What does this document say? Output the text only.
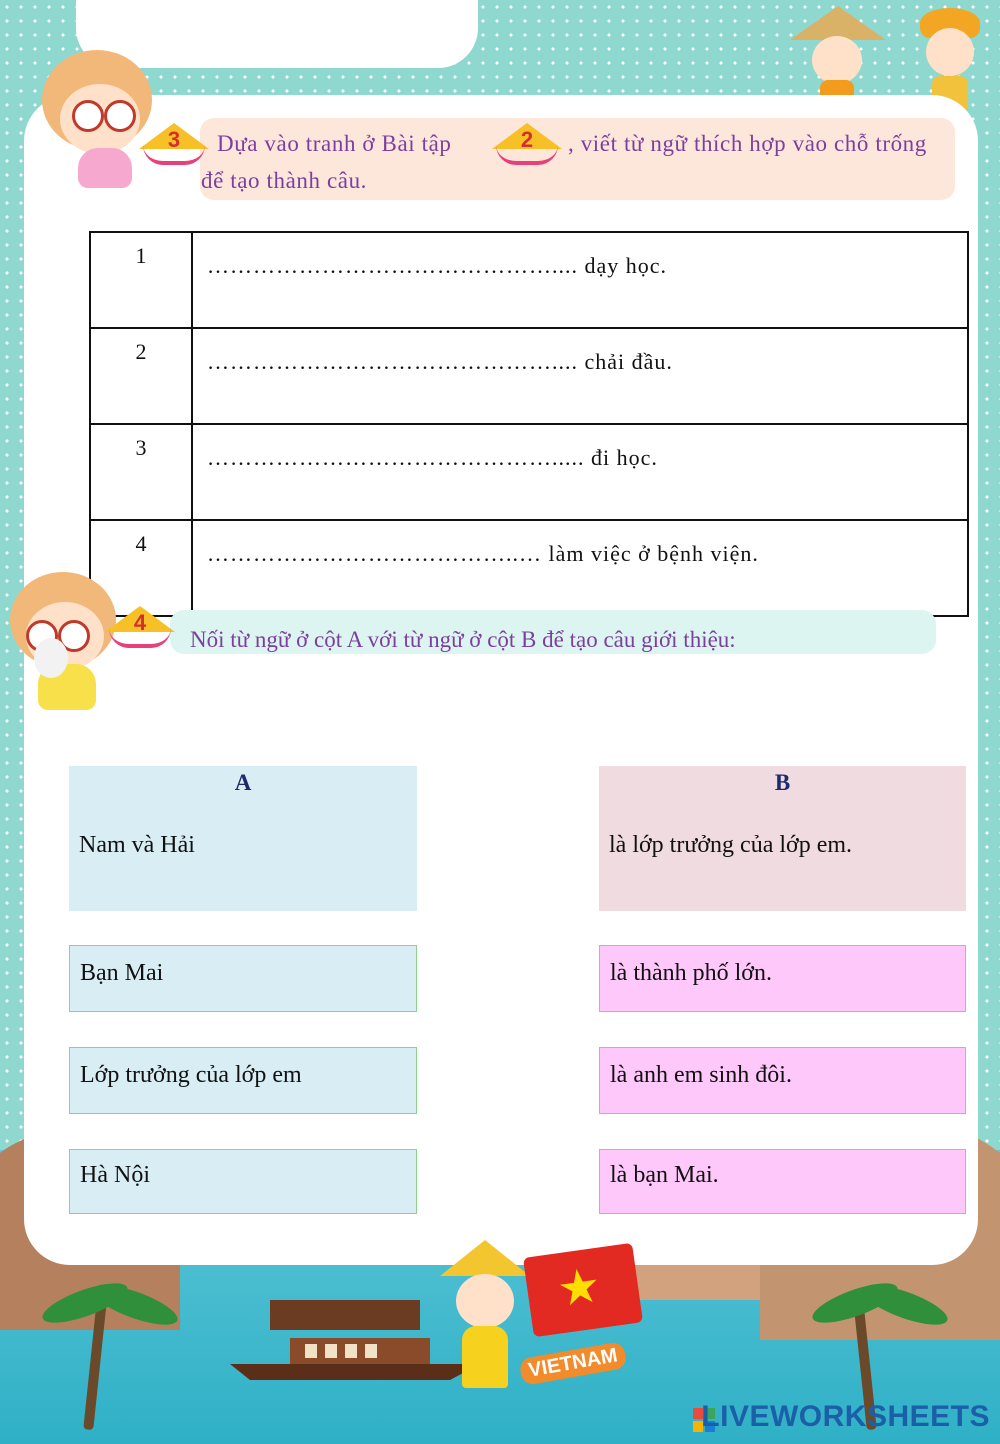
3	Dựa vào tranh ở Bài tập	2	, viết từ ngữ thích hợp vào chỗ trống
để tạo thành câu.
1	……………………………………….... dạy học.
2	……………………………………….... chải đầu.
3	………………………………………..... đi học.
4	…………………………………..… làm việc ở bệnh viện.
4
Nối từ ngữ ở cột A với từ ngữ ở cột B để tạo câu giới thiệu:
A
Nam và Hải
Bạn Mai
Lớp trưởng của lớp em
Hà Nội
B
là lớp trưởng của lớp em.
là thành phố lớn.
là anh em sinh đôi.
là bạn Mai.
★
VIETNAM
LIVEWORKSHEETS
